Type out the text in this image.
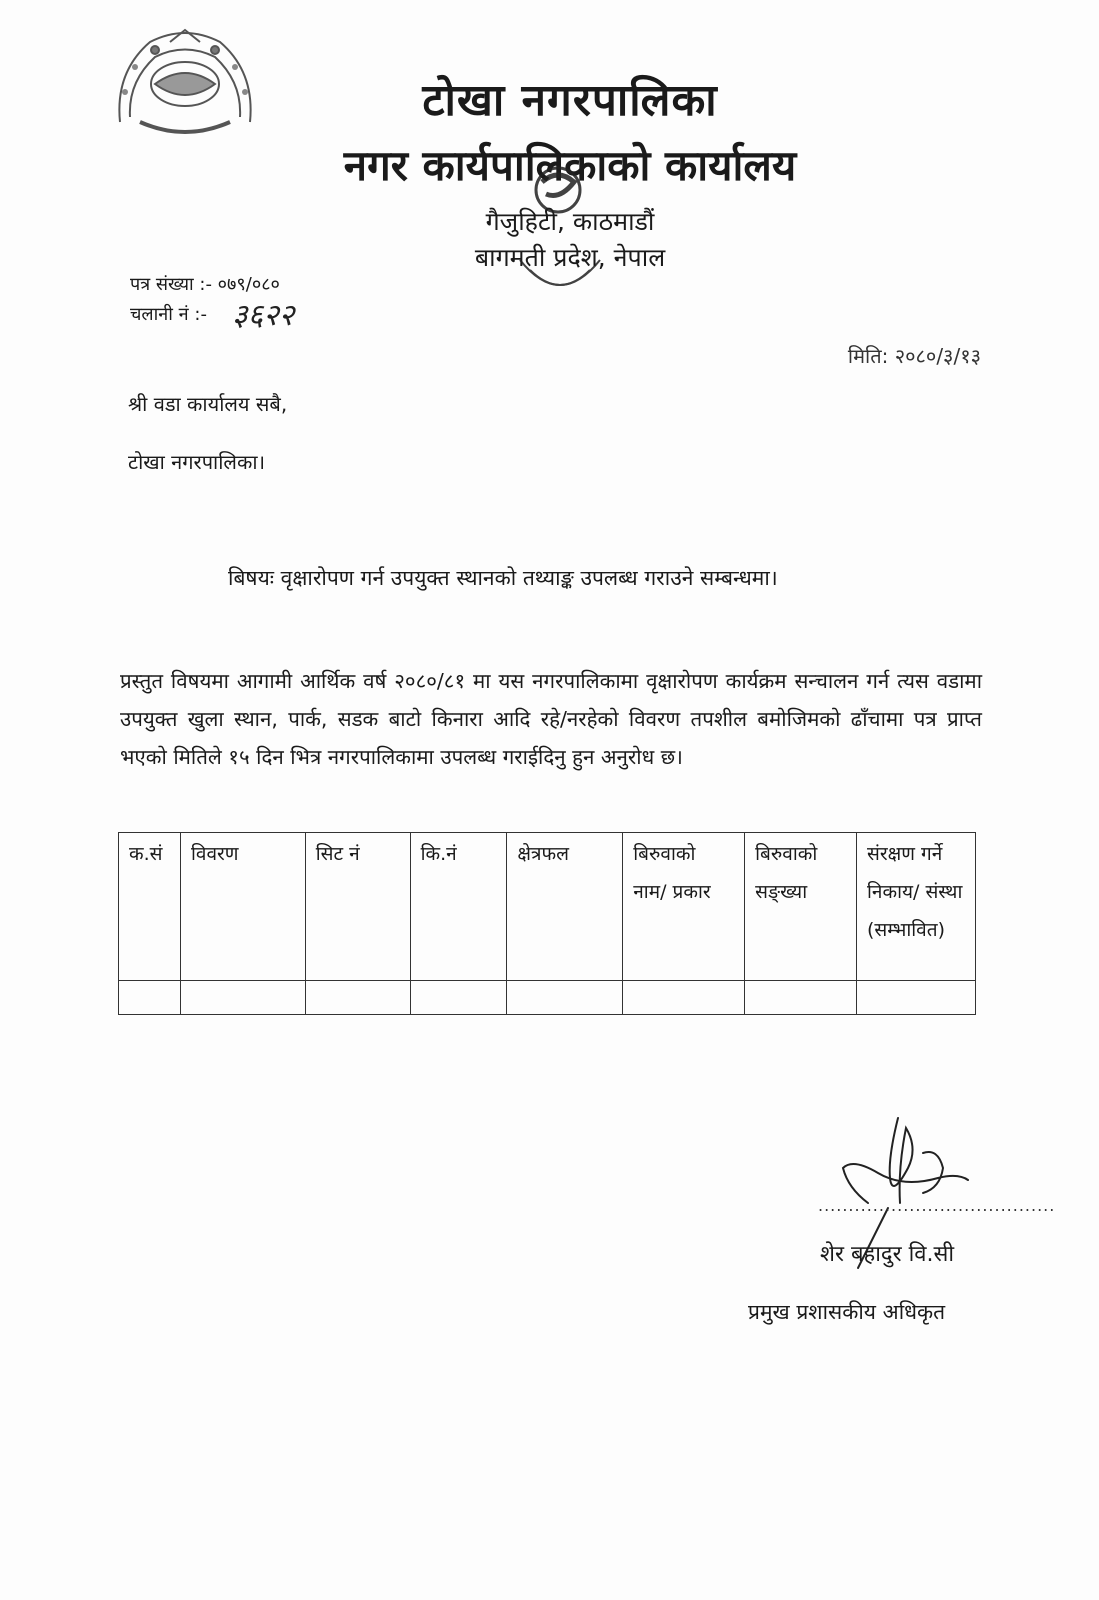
टोखा नगरपालिका
नगर कार्यपालिकाको कार्यालय
गैजुहिटी, काठमाडौं
बागमती प्रदेश, नेपाल
पत्र संख्या :- ०७९/०८०
चलानी नं :- ३६२२
मिति: २०८०/३/१३
श्री वडा कार्यालय सबै,
टोखा नगरपालिका।
बिषयः वृक्षारोपण गर्न उपयुक्त स्थानको तथ्याङ्क उपलब्ध गराउने सम्बन्धमा।
प्रस्तुत विषयमा आगामी आर्थिक वर्ष २०८०/८१ मा यस नगरपालिकामा वृक्षारोपण कार्यक्रम सन्चालन गर्न त्यस वडामा उपयुक्त खुला स्थान, पार्क, सडक बाटो किनारा आदि रहे/नरहेको विवरण तपशील बमोजिमको ढाँचामा पत्र प्राप्त भएको मितिले १५ दिन भित्र नगरपालिकामा उपलब्ध गराईदिनु हुन अनुरोध छ।
क.सं	विवरण	सिट नं	कि.नं	क्षेत्रफल	बिरुवाको नाम/ प्रकार	बिरुवाको सङ्ख्या	संरक्षण गर्ने निकाय/ संस्था (सम्भावित)

.......................................
शेर बहादुर वि.सी
प्रमुख प्रशासकीय अधिकृत
